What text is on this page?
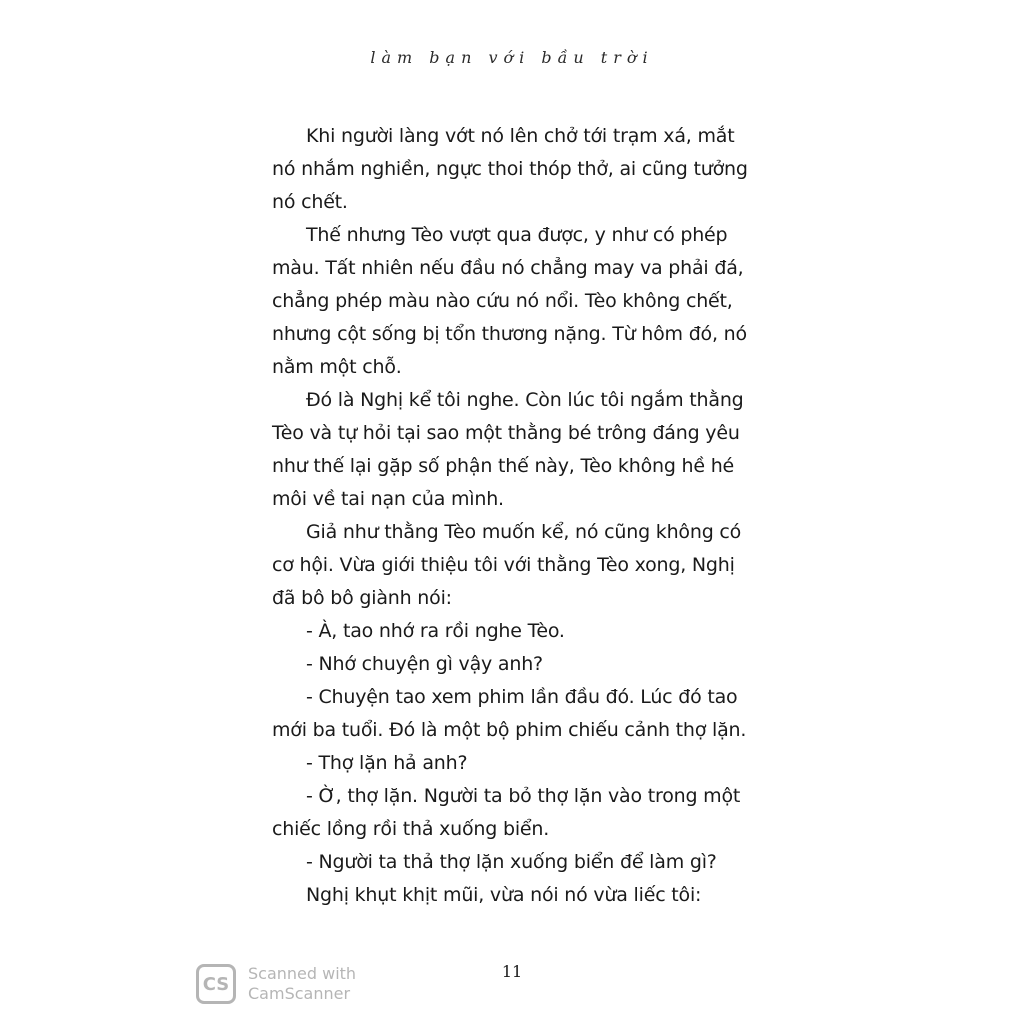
làm bạn với bầu trời
Khi người làng vớt nó lên chở tới trạm xá, mắt
nó nhắm nghiền, ngực thoi thóp thở, ai cũng tưởng
nó chết.
Thế nhưng Tèo vượt qua được, y như có phép
màu. Tất nhiên nếu đầu nó chẳng may va phải đá,
chẳng phép màu nào cứu nó nổi. Tèo không chết,
nhưng cột sống bị tổn thương nặng. Từ hôm đó, nó
nằm một chỗ.
Đó là Nghị kể tôi nghe. Còn lúc tôi ngắm thằng
Tèo và tự hỏi tại sao một thằng bé trông đáng yêu
như thế lại gặp số phận thế này, Tèo không hề hé
môi về tai nạn của mình.
Giả như thằng Tèo muốn kể, nó cũng không có
cơ hội. Vừa giới thiệu tôi với thằng Tèo xong, Nghị
đã bô bô giành nói:
- À, tao nhớ ra rồi nghe Tèo.
- Nhớ chuyện gì vậy anh?
- Chuyện tao xem phim lần đầu đó. Lúc đó tao
mới ba tuổi. Đó là một bộ phim chiếu cảnh thợ lặn.
- Thợ lặn hả anh?
- Ờ, thợ lặn. Người ta bỏ thợ lặn vào trong một
chiếc lồng rồi thả xuống biển.
- Người ta thả thợ lặn xuống biển để làm gì?
Nghị khụt khịt mũi, vừa nói nó vừa liếc tôi:
CS	Scanned with
CamScanner
11
